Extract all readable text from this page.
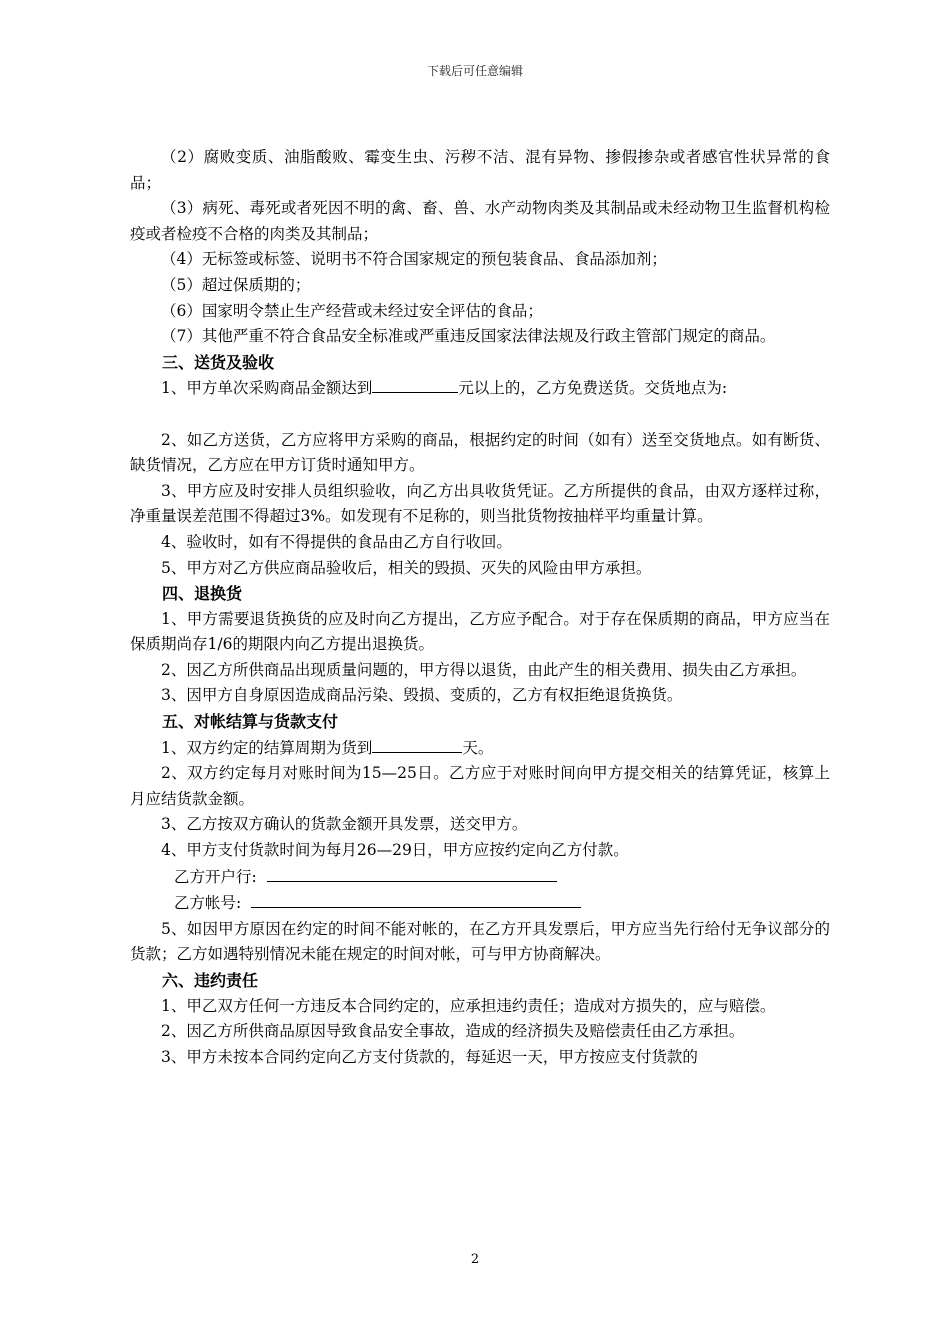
下载后可任意编辑

（2）腐败变质、油脂酸败、霉变生虫、污秽不洁、混有异物、掺假掺杂或者感官性状异常的食品；

（3）病死、毒死或者死因不明的禽、畜、兽、水产动物肉类及其制品或未经动物卫生监督机构检疫或者检疫不合格的肉类及其制品；

（4）无标签或标签、说明书不符合国家规定的预包装食品、食品添加剂；

（5）超过保质期的；

（6）国家明令禁止生产经营或未经过安全评估的食品；

（7）其他严重不符合食品安全标准或严重违反国家法律法规及行政主管部门规定的商品。

三、送货及验收

1、甲方单次采购商品金额达到	元以上的，乙方免费送货。交货地点为:

2、如乙方送货，乙方应将甲方采购的商品，根据约定的时间（如有）送至交货地点。如有断货、缺货情况，乙方应在甲方订货时通知甲方。

3、甲方应及时安排人员组织验收，向乙方出具收货凭证。乙方所提供的食品，由双方逐样过称，净重量误差范围不得超过3%。如发现有不足称的，则当批货物按抽样平均重量计算。

4、验收时，如有不得提供的食品由乙方自行收回。

5、甲方对乙方供应商品验收后，相关的毁损、灭失的风险由甲方承担。

四、退换货

1、甲方需要退货换货的应及时向乙方提出，乙方应予配合。对于存在保质期的商品，甲方应当在保质期尚存1/6的期限内向乙方提出退换货。

2、因乙方所供商品出现质量问题的，甲方得以退货，由此产生的相关费用、损失由乙方承担。

3、因甲方自身原因造成商品污染、毁损、变质的，乙方有权拒绝退货换货。

五、对帐结算与货款支付

1、双方约定的结算周期为货到	天。

2、双方约定每月对账时间为15—25日。乙方应于对账时间向甲方提交相关的结算凭证，核算上月应结货款金额。

3、乙方按双方确认的货款金额开具发票，送交甲方。

4、甲方支付货款时间为每月26—29日，甲方应按约定向乙方付款。

乙方开户行:

乙方帐号:

5、如因甲方原因在约定的时间不能对帐的，在乙方开具发票后，甲方应当先行给付无争议部分的货款；乙方如遇特别情况未能在规定的时间对帐，可与甲方协商解决。

六、违约责任

1、甲乙双方任何一方违反本合同约定的，应承担违约责任；造成对方损失的，应与赔偿。

2、因乙方所供商品原因导致食品安全事故，造成的经济损失及赔偿责任由乙方承担。

3、甲方未按本合同约定向乙方支付货款的，每延迟一天，甲方按应支付货款的

2
